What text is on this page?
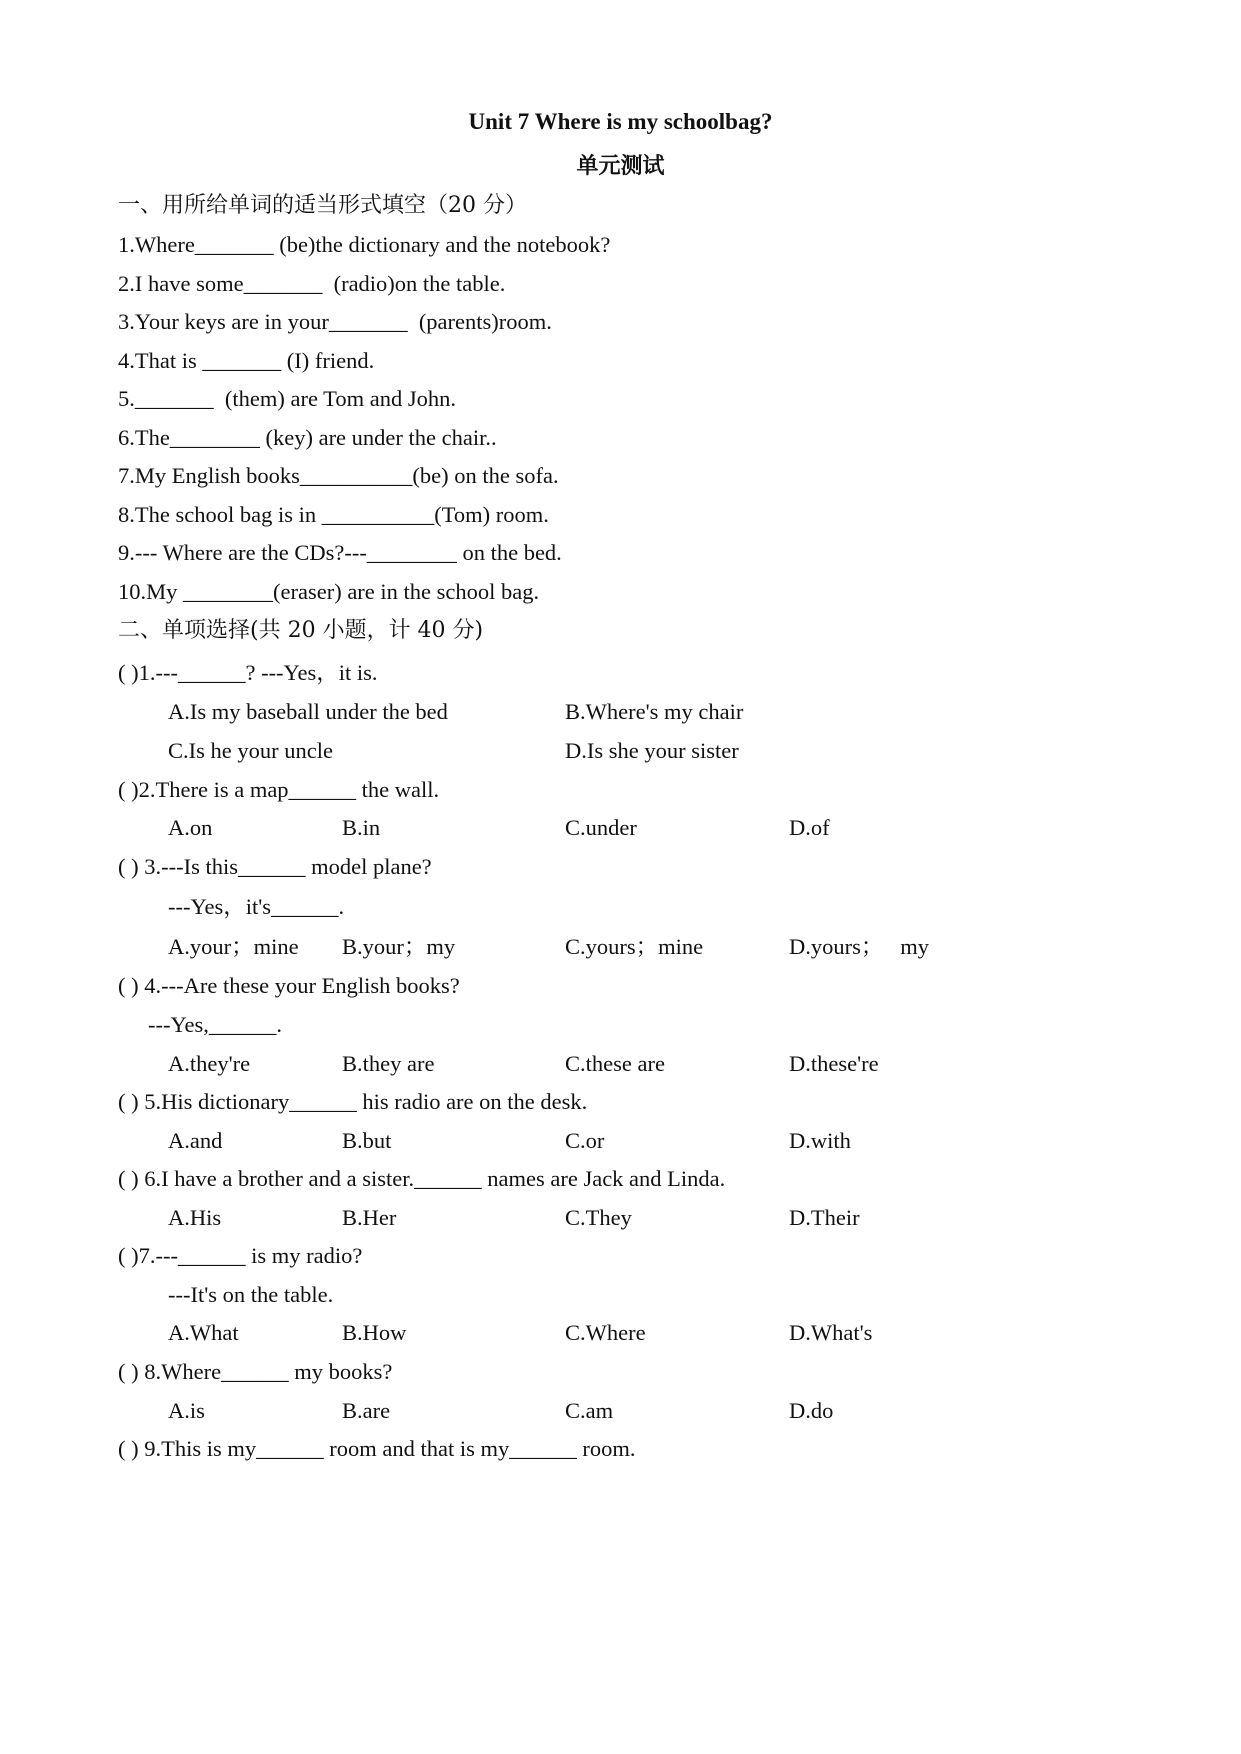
Unit 7 Where is my schoolbag?
单元测试
一、用所给单词的适当形式填空（20 分）
1.Where_______ (be)the dictionary and the notebook?
2.I have some_______  (radio)on the table.
3.Your keys are in your_______  (parents)room.
4.That is _______ (I) friend.
5._______  (them) are Tom and John.
6.The________ (key) are under the chair..
7.My English books__________(be) on the sofa.
8.The school bag is in __________(Tom) room.
9.--- Where are the CDs?---________ on the bed.
10.My ________(eraser) are in the school bag.
二、单项选择(共 20 小题，计 40 分)
( )1.---______? ---Yes，it is.
A.Is my baseball under the bed	B.Where's my chair
C.Is he your uncle	D.Is she your sister
( )2.There is a map______ the wall.
A.on	B.in	C.under	D.of
( ) 3.---Is this______ model plane?
---Yes，it's______.
A.your；mine B.your；my	C.yours；mine	D.yours；   my
( ) 4.---Are these your English books?
---Yes,______.
A.they're	B.they are	C.these are	D.these're
( ) 5.His dictionary______ his radio are on the desk.
A.and	B.but	C.or	D.with
( ) 6.I have a brother and a sister.______ names are Jack and Linda.
A.His	B.Her	C.They	D.Their
( )7.---______ is my radio?
---It's on the table.
A.What	B.How	C.Where	D.What's
( ) 8.Where______ my books?
A.is	B.are	C.am	D.do
( ) 9.This is my______ room and that is my______ room.
